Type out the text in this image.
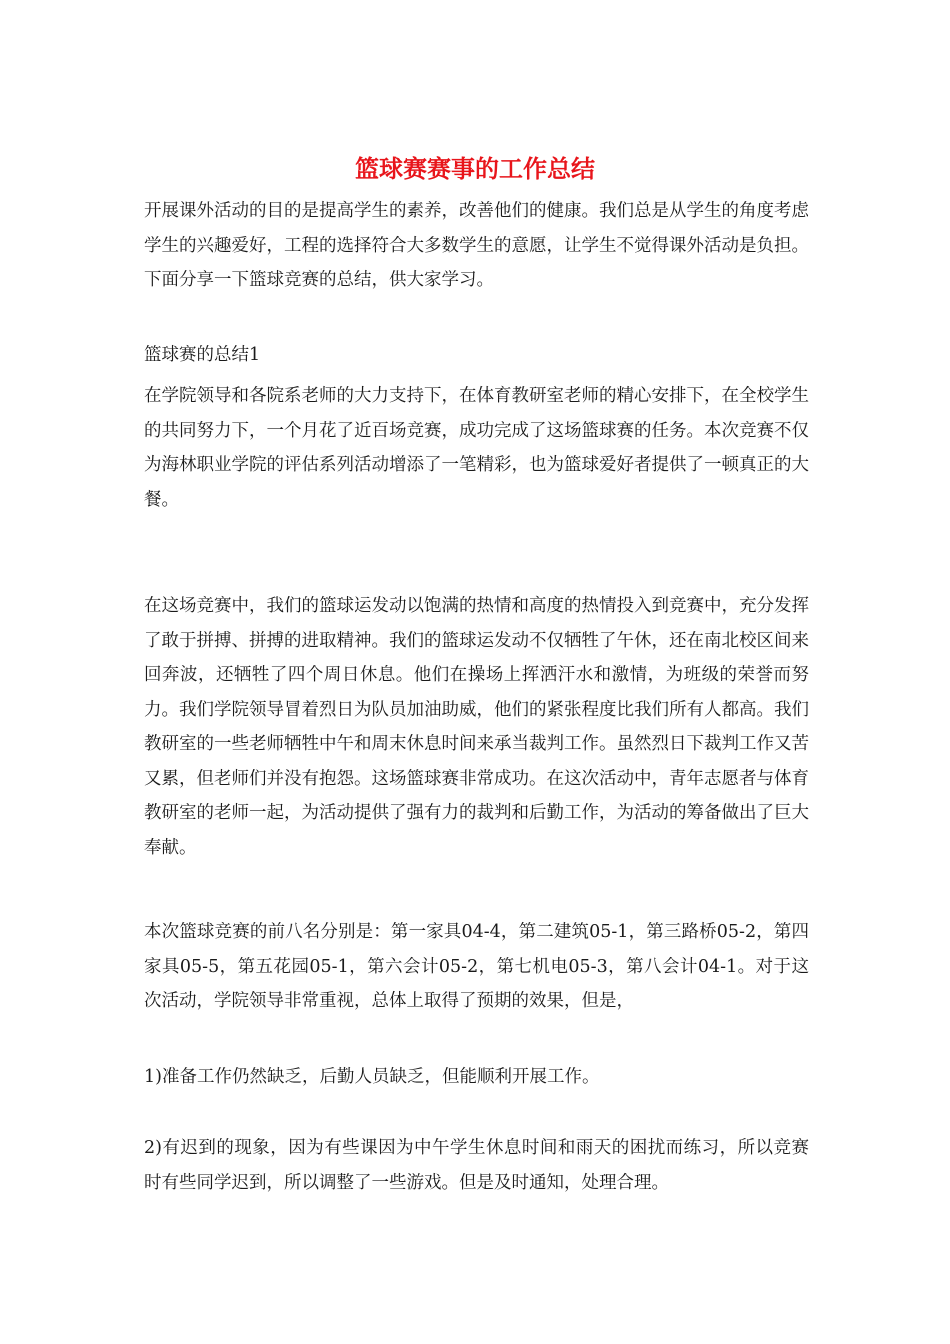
篮球赛赛事的工作总结

开展课外活动的目的是提高学生的素养，改善他们的健康。我们总是从学生的角度考虑学生的兴趣爱好，工程的选择符合大多数学生的意愿，让学生不觉得课外活动是负担。下面分享一下篮球竞赛的总结，供大家学习。

篮球赛的总结1

在学院领导和各院系老师的大力支持下，在体育教研室老师的精心安排下，在全校学生的共同努力下，一个月花了近百场竞赛，成功完成了这场篮球赛的任务。本次竞赛不仅为海林职业学院的评估系列活动增添了一笔精彩，也为篮球爱好者提供了一顿真正的大餐。

在这场竞赛中，我们的篮球运发动以饱满的热情和高度的热情投入到竞赛中，充分发挥了敢于拼搏、拼搏的进取精神。我们的篮球运发动不仅牺牲了午休，还在南北校区间来回奔波，还牺牲了四个周日休息。他们在操场上挥洒汗水和激情，为班级的荣誉而努力。我们学院领导冒着烈日为队员加油助威，他们的紧张程度比我们所有人都高。我们教研室的一些老师牺牲中午和周末休息时间来承当裁判工作。虽然烈日下裁判工作又苦又累，但老师们并没有抱怨。这场篮球赛非常成功。在这次活动中，青年志愿者与体育教研室的老师一起，为活动提供了强有力的裁判和后勤工作，为活动的筹备做出了巨大奉献。

本次篮球竞赛的前八名分别是：第一家具04-4，第二建筑05-1，第三路桥05-2，第四家具05-5，第五花园05-1，第六会计05-2，第七机电05-3，第八会计04-1。对于这次活动，学院领导非常重视，总体上取得了预期的效果，但是，

1)准备工作仍然缺乏，后勤人员缺乏，但能顺利开展工作。

2)有迟到的现象，因为有些课因为中午学生休息时间和雨天的困扰而练习，所以竞赛时有些同学迟到，所以调整了一些游戏。但是及时通知，处理合理。
